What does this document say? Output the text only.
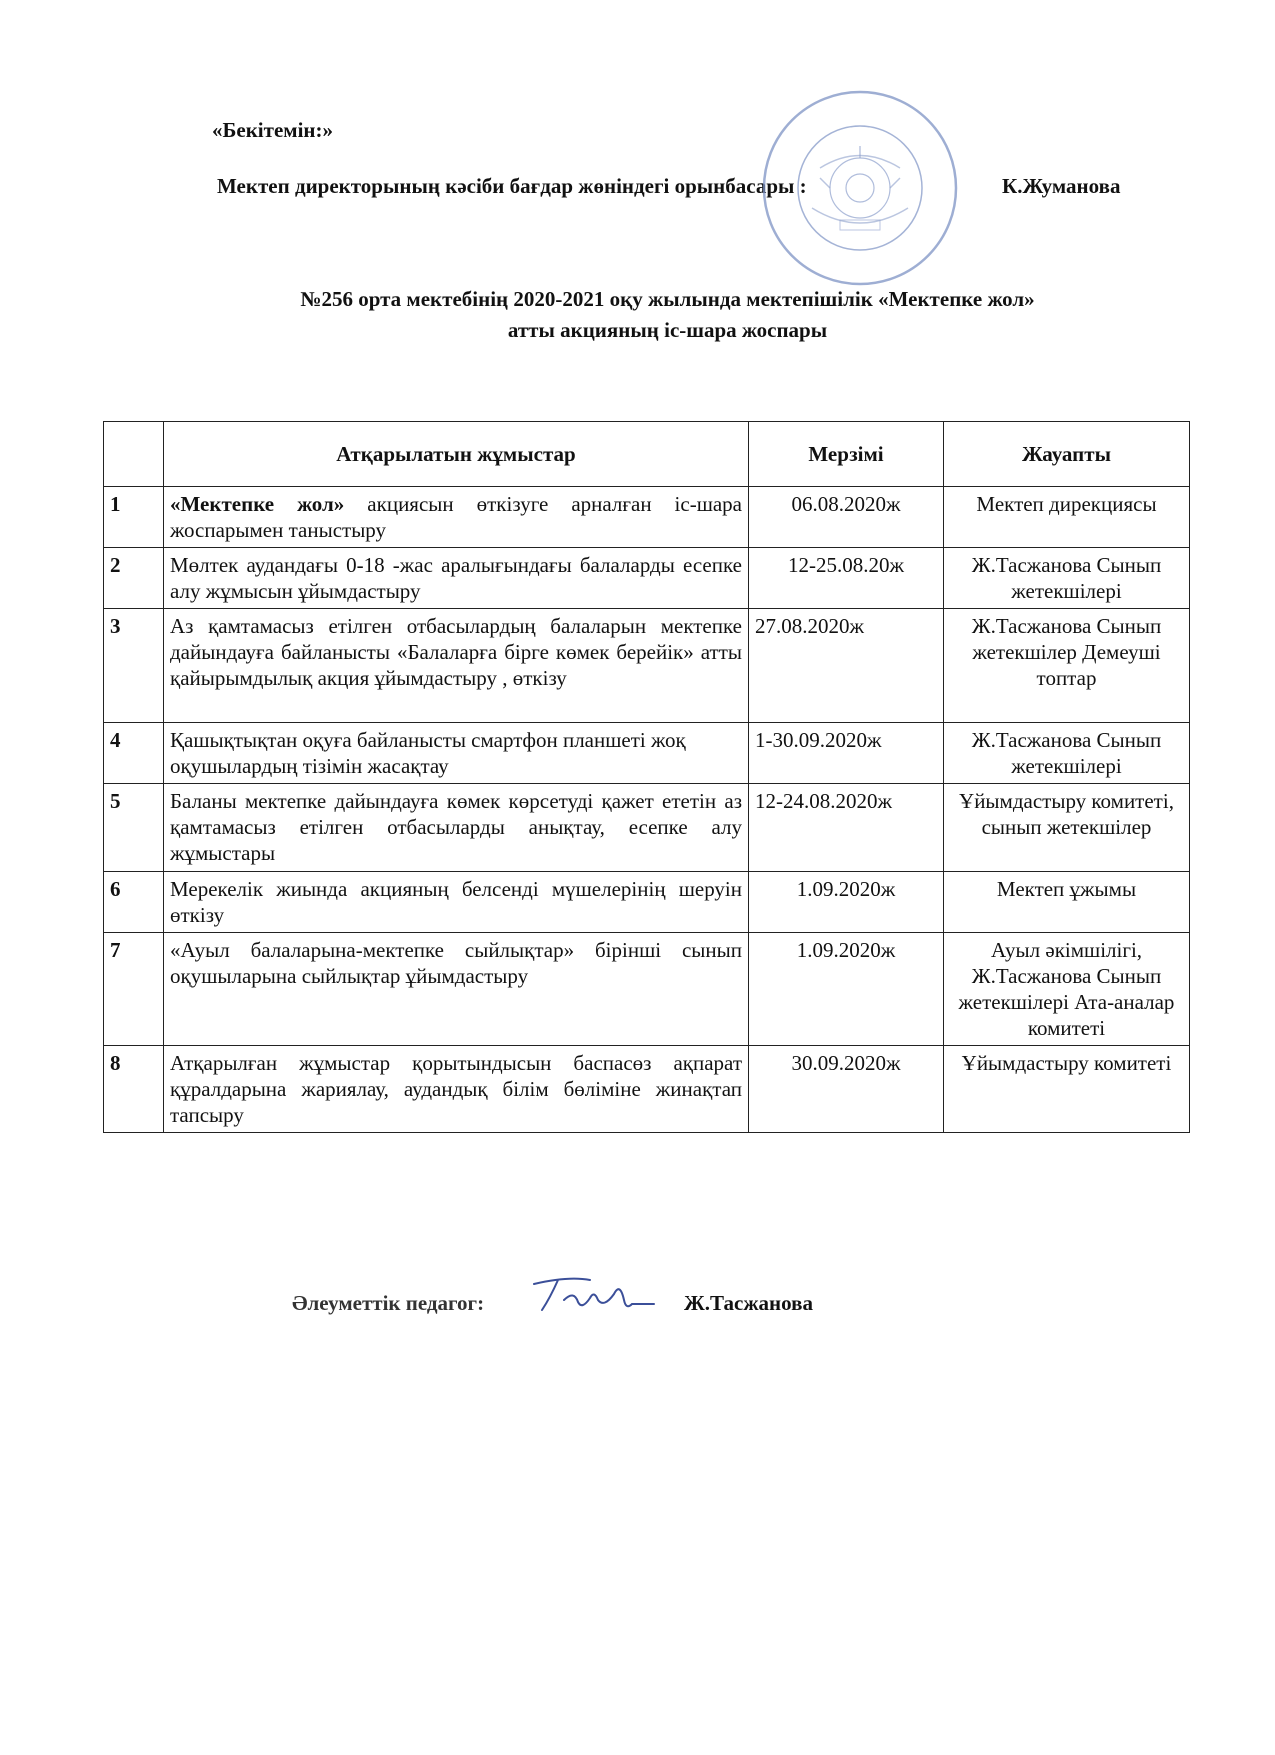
«Бекітемін:»
Мектеп директорының кәсіби бағдар жөніндегі орынбасары :	К.Жуманова
№256 орта мектебінің 2020-2021 оқу жылында мектепішілік «Мектепке жол»
атты акцияның іс-шара жоспары
	Атқарылатын жұмыстар	Мерзімі	Жауапты
1	«Мектепке жол» акциясын өткізуге арналған іс-шара жоспарымен таныстыру	06.08.2020ж	Мектеп дирекциясы
2	Мөлтек аудандағы 0-18 -жас аралығындағы балаларды есепке алу жұмысын ұйымдастыру	12-25.08.20ж	Ж.Тасжанова Сынып жетекшілері
3	Аз қамтамасыз етілген отбасылардың балаларын мектепке дайындауға байланысты «Балаларға бірге көмек берейік» атты қайырымдылық акция ұйымдастыру , өткізу	27.08.2020ж	Ж.Тасжанова Сынып жетекшілер Демеуші топтар
4	Қашықтықтан оқуға байланысты смартфон планшеті жоқ оқушылардың тізімін жасақтау	1-30.09.2020ж	Ж.Тасжанова Сынып жетекшілері
5	Баланы мектепке дайындауға көмек көрсетуді қажет ететін аз қамтамасыз етілген отбасыларды анықтау, есепке алу жұмыстары	12-24.08.2020ж	Ұйымдастыру комитеті, сынып жетекшілер
6	Мерекелік жиында акцияның белсенді мүшелерінің шеруін өткізу	1.09.2020ж	Мектеп ұжымы
7	«Ауыл балаларына-мектепке сыйлықтар» бірінші сынып оқушыларына сыйлықтар ұйымдастыру	1.09.2020ж	Ауыл әкімшілігі, Ж.Тасжанова Сынып жетекшілері Ата-аналар комитеті
8	Атқарылған жұмыстар қорытындысын баспасөз ақпарат құралдарына жариялау, аудандық білім бөліміне жинақтап тапсыру	30.09.2020ж	Ұйымдастыру комитеті
Әлеуметтік педагог:	Ж.Тасжанова
